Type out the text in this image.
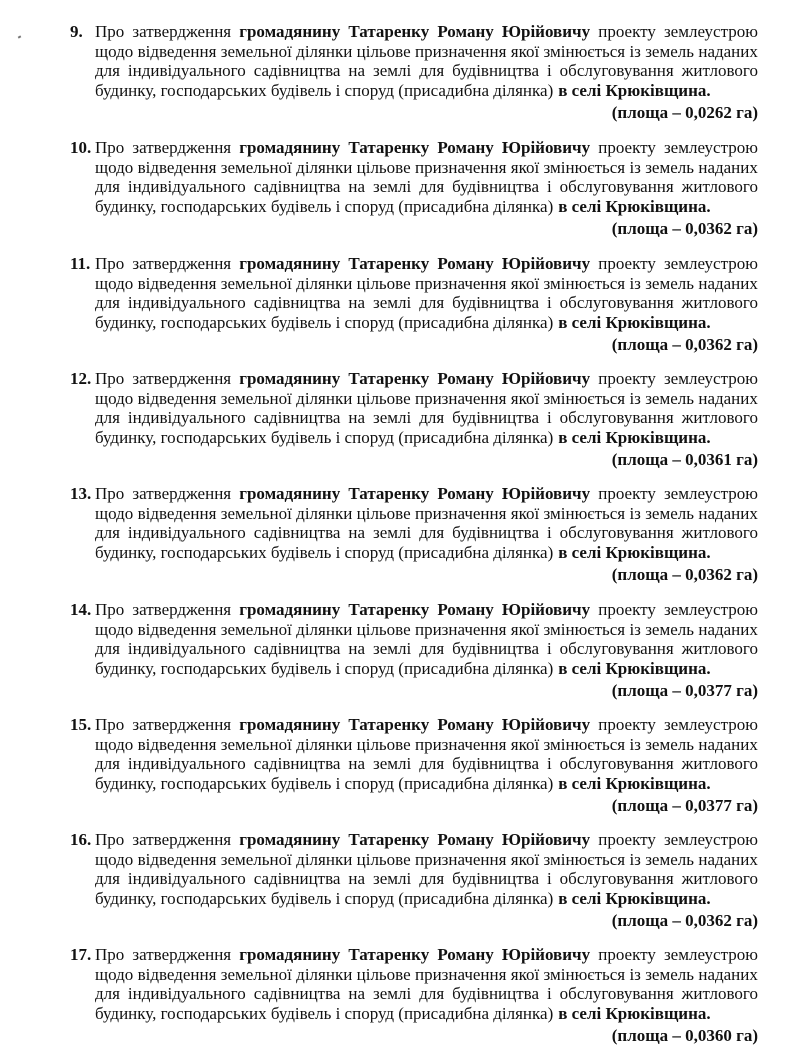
9. Про затвердження громадянину Татаренку Роману Юрійовичу проекту землеустрою
щодо відведення земельної ділянки цільове призначення якої змінюється із земель наданих
для індивідуального садівництва на землі для будівництва і обслуговування житлового
будинку, господарських будівель і споруд (присадибна ділянка) в селі Крюківщина.
(площа – 0,0262 га)
10. Про затвердження громадянину Татаренку Роману Юрійовичу проекту землеустрою
щодо відведення земельної ділянки цільове призначення якої змінюється із земель наданих
для індивідуального садівництва на землі для будівництва і обслуговування житлового
будинку, господарських будівель і споруд (присадибна ділянка) в селі Крюківщина.
(площа – 0,0362 га)
11. Про затвердження громадянину Татаренку Роману Юрійовичу проекту землеустрою
щодо відведення земельної ділянки цільове призначення якої змінюється із земель наданих
для індивідуального садівництва на землі для будівництва і обслуговування житлового
будинку, господарських будівель і споруд (присадибна ділянка) в селі Крюківщина.
(площа – 0,0362 га)
12. Про затвердження громадянину Татаренку Роману Юрійовичу проекту землеустрою
щодо відведення земельної ділянки цільове призначення якої змінюється із земель наданих
для індивідуального садівництва на землі для будівництва і обслуговування житлового
будинку, господарських будівель і споруд (присадибна ділянка) в селі Крюківщина.
(площа – 0,0361 га)
13. Про затвердження громадянину Татаренку Роману Юрійовичу проекту землеустрою
щодо відведення земельної ділянки цільове призначення якої змінюється із земель наданих
для індивідуального садівництва на землі для будівництва і обслуговування житлового
будинку, господарських будівель і споруд (присадибна ділянка) в селі Крюківщина.
(площа – 0,0362 га)
14. Про затвердження громадянину Татаренку Роману Юрійовичу проекту землеустрою
щодо відведення земельної ділянки цільове призначення якої змінюється із земель наданих
для індивідуального садівництва на землі для будівництва і обслуговування житлового
будинку, господарських будівель і споруд (присадибна ділянка) в селі Крюківщина.
(площа – 0,0377 га)
15. Про затвердження громадянину Татаренку Роману Юрійовичу проекту землеустрою
щодо відведення земельної ділянки цільове призначення якої змінюється із земель наданих
для індивідуального садівництва на землі для будівництва і обслуговування житлового
будинку, господарських будівель і споруд (присадибна ділянка) в селі Крюківщина.
(площа – 0,0377 га)
16. Про затвердження громадянину Татаренку Роману Юрійовичу проекту землеустрою
щодо відведення земельної ділянки цільове призначення якої змінюється із земель наданих
для індивідуального садівництва на землі для будівництва і обслуговування житлового
будинку, господарських будівель і споруд (присадибна ділянка) в селі Крюківщина.
(площа – 0,0362 га)
17. Про затвердження громадянину Татаренку Роману Юрійовичу проекту землеустрою
щодо відведення земельної ділянки цільове призначення якої змінюється із земель наданих
для індивідуального садівництва на землі для будівництва і обслуговування житлового
будинку, господарських будівель і споруд (присадибна ділянка) в селі Крюківщина.
(площа – 0,0360 га)
